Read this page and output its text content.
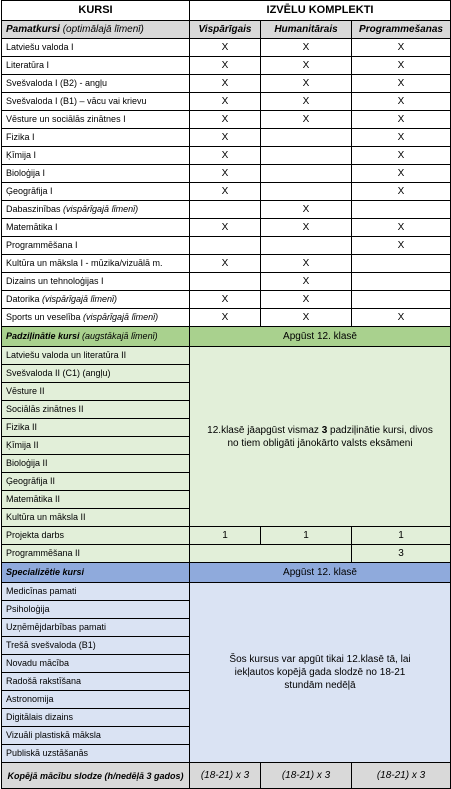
KURSI	IZVĒLU KOMPLEKTI		
Pamatkursi (optimālajā līmenī)	Vispārīgais	Humanitārais	Programmešanas
Latviešu valoda I	X	X	X
Literatūra I	X	X	X
Svešvaloda I (B2) - angļu	X	X	X
Svešvaloda I (B1) – vācu vai krievu	X	X	X
Vēsture un sociālās zinātnes I	X	X	X
Fizika I	X		X
Ķīmija I	X		X
Bioloģija I	X		X
Ģeogrāfija I	X		X
Dabaszinības (vispārīgajā līmenī)		X	
Matemātika I	X	X	X
Programmēšana I			X
Kultūra un māksla I - mūzika/vizuālā m.	X	X	
Dizains un tehnoloģijas I		X	
Datorika (vispārīgajā līmenī)	X	X	
Sports un veselība (vispārīgajā līmenī)	X	X	X
Padziļinātie kursi (augstākajā līmenī)	Apgūst 12. klasē		
Latviešu valoda un literatūra II	12.klasē jāapgūst vismaz 3 padziļinātie kursi, divos no tiem obligāti jānokārto valsts eksāmeni		
Svešvaloda II (C1) (angļu)			
Vēsture II			
Sociālās zinātnes II			
Fizika II			
Ķīmija II			
Bioloģija II			
Ģeogrāfija II			
Matemātika II			
Kultūra un māksla II			
Projekta darbs	1	1	1
Programmēšana II			3
Specializētie kursi	Apgūst 12. klasē		
Medicīnas pamati	Šos kursus var apgūt tikai 12.klasē tā, lai iekļautos kopējā gada slodzē no 18-21 stundām nedēļā		
Psiholoģija			
Uzņēmējdarbības pamati			
Trešā svešvaloda (B1)			
Novadu mācība			
Radošā rakstīšana			
Astronomija			
Digitālais dizains			
Vizuāli plastiskā māksla			
Publiskā uzstāšanās			
Kopējā mācību slodze (h/nedēļā 3 gados)	(18-21) x 3	(18-21) x 3	(18-21) x 3
